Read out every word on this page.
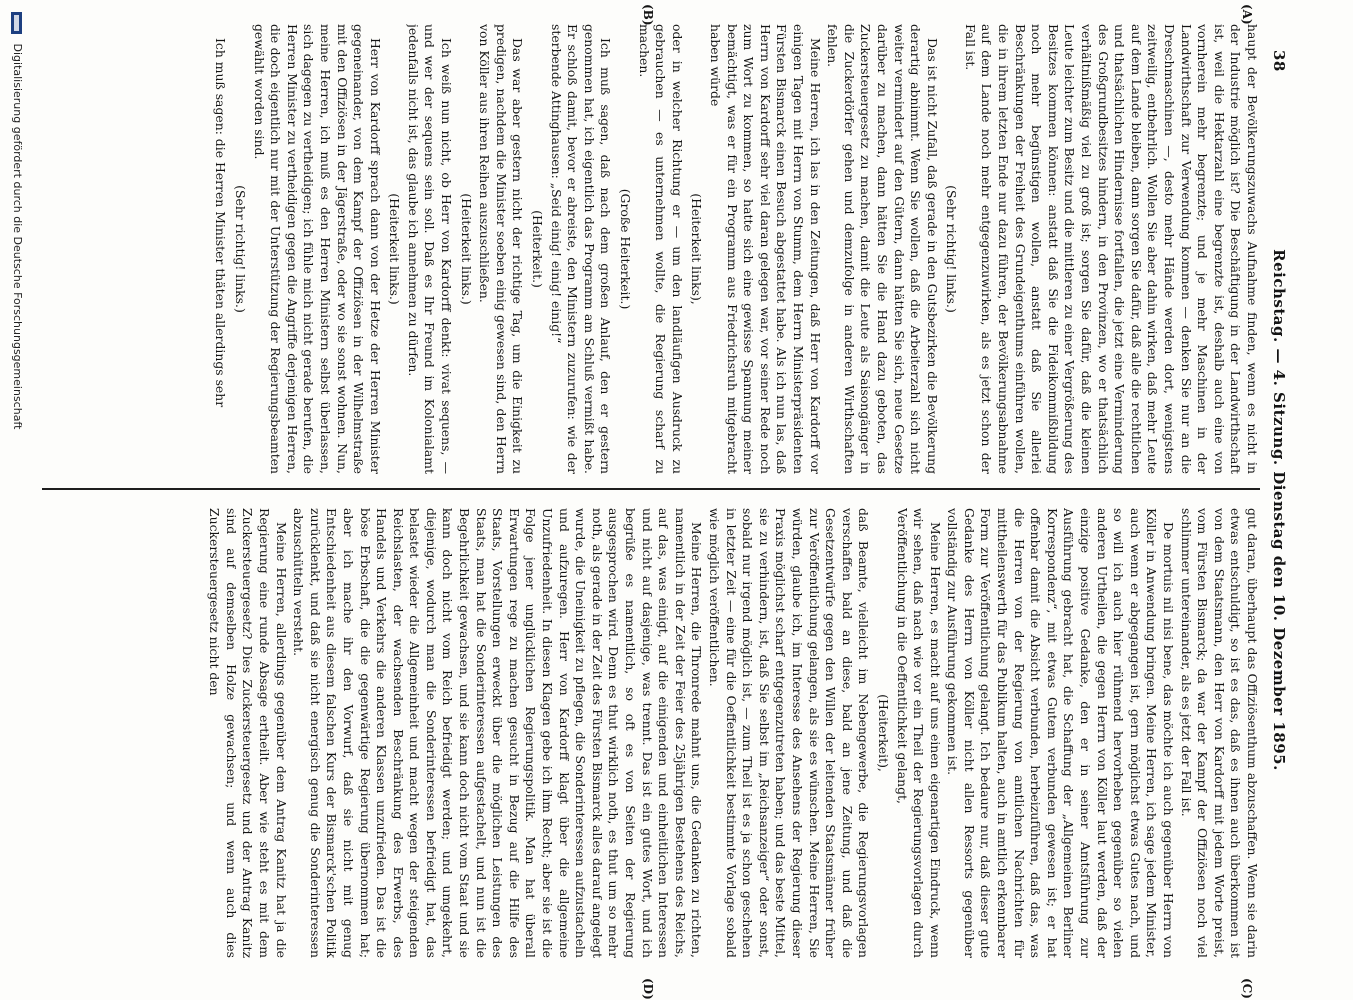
38
Reichstag. — 4. Sitzung. Dienstag den 10. Dezember 1895.
(A)
(B)
(C)
(D)

haupt der Bevölkerungszuwachs Aufnahme finden, wenn es nicht in der Industrie möglich ist? Die Beschäftigung in der Landwirthschaft ist, weil die Hektarzahl eine begrenzte ist, deshalb auch eine von vornherein mehr begrenzte; und je mehr Maschinen in der Landwirthschaft zur Verwendung kommen — denken Sie nur an die Dreschmaschinen —, desto mehr Hände werden dort, wenigstens zeitweilig, entbehrlich. Wollen Sie aber dahin wirken, daß mehr Leute auf dem Lande bleiben, dann sorgen Sie dafür, daß alle die rechtlichen und thatsächlichen Hindernisse fortfallen, die jetzt eine Verminderung des Großgrundbesitzes hindern, in den Provinzen, wo er thatsächlich verhältnißmäßig viel zu groß ist; sorgen Sie dafür, daß die kleinen Leute leichter zum Besitz und die mittleren zu einer Vergrößerung des Besitzes kommen können: anstatt daß Sie die Fideikommißbildung noch mehr begünstigen wollen, anstatt daß Sie allerlei Beschränkungen der Freiheit des Grundeigenthums einführen wollen, die in ihrem letzten Ende nur dazu führen, der Bevölkerungsabnahme auf dem Lande noch mehr entgegenzuwirken, als es jetzt schon der Fall ist.

(Sehr richtig! links.)

Das ist nicht Zufall, daß gerade in den Gutsbezirken die Bevölkerung derartig abnimmt. Wenn Sie wollen, daß die Arbeiterzahl sich nicht weiter vermindert auf den Gütern, dann hätten Sie sich, neue Gesetze darüber zu machen, dann hätten Sie die Hand dazu geboten, das Zuckersteuergesetz zu machen, damit die Leute als Saisongänger in die Zuckerdörfer gehen und demzufolge in anderen Wirthschaften fehlen.

Meine Herren, ich las in den Zeitungen, daß Herr von Kardorff vor einigen Tagen mit Herrn von Stumm, dem Herrn Ministerpräsidenten Fürsten Bismarck einen Besuch abgestattet habe. Als ich nun las, daß Herrn von Kardorff sehr viel daran gelegen war, vor seiner Rede noch zum Wort zu kommen, so hatte sich eine gewisse Spannung meiner bemächtigt, was er für ein Programm aus Friedrichsruh mitgebracht haben würde

(Heiterkeit links),

oder in welcher Richtung er — um den landläufigen Ausdruck zu gebrauchen — es unternehmen wollte, die Regierung scharf zu machen.

(Große Heiterkeit.)

Ich muß sagen, daß nach dem großen Anlauf, den er gestern genommen hat, ich eigentlich das Programm am Schluß vermißt habe. Er schloß damit, bevor er abreiste, den Ministern zuzurufen: wie der sterbende Attinghausen: „Seid einig! einig! einig!“

(Heiterkeit.)

Das war aber gestern nicht der richtige Tag, um die Einigkeit zu predigen, nachdem die Minister soeben einig gewesen sind, den Herrn von Köller aus ihren Reihen auszuschließen.

(Heiterkeit links.)

Ich weiß nun nicht, ob Herr von Kardorff denkt: vivat sequens, — und wer der sequens sein soll. Daß es Ihr Freund im Kolonialamt jedenfalls nicht ist, das glaube ich annehmen zu dürfen.

(Heiterkeit links.)

Herr von Kardorff sprach dann von der Hetze der Herren Minister gegeneinander, von dem Kampf der Offiziösen in der Wilhelmstraße mit den Offiziösen in der Jägerstraße, oder wo sie sonst wohnen. Nun, meine Herren, ich muß es den Herren Ministern selbst überlassen, sich dagegen zu vertheidigen; ich fühle mich nicht gerade berufen, die Herren Minister zu vertheidigen gegen die Angriffe derjenigen Herren, die doch eigentlich nur mit der Unterstützung der Regierungsbeamten gewählt worden sind.

(Sehr richtig! links.)

Ich muß sagen: die Herren Minister thäten allerdings sehr

gut daran, überhaupt das Offiziösenthum abzuschaffen. Wenn sie darin etwas entschuldigt, so ist es das, daß es ihnen auch überkommen ist von dem Staatsmann, den Herr von Kardorff mit jedem Worte preist, vom Fürsten Bismarck; da war der Kampf der Offiziösen noch viel schlimmer untereinander, als es jetzt der Fall ist.

De mortuis nil nisi bene, das möchte ich auch gegenüber Herrn von Köller in Anwendung bringen. Meine Herren, ich sage jedem Minister, auch wenn er abgegangen ist, gern möglichst etwas Gutes nach, und so will ich auch hier rühmend hervorheben gegenüber so vielen anderen Urtheilen, die gegen Herrn von Köller laut werden, daß der einzige positive Gedanke, den er in seiner Amtsführung zur Ausführung gebracht hat, die Schaffung der „Allgemeinen Berliner Korrespondenz“, mit etwas Gutem verbunden gewesen ist; er hat offenbar damit die Absicht verbunden, herbeizuführen, daß das, was die Herren von der Regierung von amtlichen Nachrichten für mittheilenswerth für das Publikum halten, auch in amtlich erkennbarer Form zur Veröffentlichung gelangt. Ich bedaure nur, daß dieser gute Gedanke des Herrn von Köller nicht allen Ressorts gegenüber vollständig zur Ausführung gekommen ist.

Meine Herren, es macht auf uns einen eigenartigen Eindruck, wenn wir sehen, daß nach wie vor ein Theil der Regierungsvorlagen durch Veröffentlichung in die Oeffentlichkeit gelangt,

(Heiterkeit),

daß Beamte, vielleicht im Nebengewerbe, die Regierungsvorlagen verschaffen bald an diese, bald an jene Zeitung, und daß die Gesetzentwürfe gegen den Willen der leitenden Staatsmänner früher zur Veröffentlichung gelangen, als sie es wünschen. Meine Herren, Sie würden, glaube ich, im Interesse des Ansehens der Regierung dieser Praxis möglichst scharf entgegenzutreten haben; und das beste Mittel, sie zu verhindern, ist, daß Sie selbst im „Reichsanzeiger“ oder sonst, sobald nur irgend möglich ist, — zum Theil ist es ja schon geschehen in letzter Zeit — eine für die Oeffentlichkeit bestimmte Vorlage sobald wie möglich veröffentlichen.

Meine Herren, die Thronrede mahnt uns, die Gedanken zu richten, namentlich in der Zeit der Feier des 25jährigen Bestehens des Reichs, auf das, was einigt, auf die einigenden und einheitlichen Interessen und nicht auf dasjenige, was trennt. Das ist ein gutes Wort, und ich begrüße es namentlich, so oft es von Seiten der Regierung ausgesprochen wird. Denn es thut wirklich noth, es thut um so mehr noth, als gerade in der Zeit des Fürsten Bismarck alles darauf angelegt wurde, die Uneinigkeit zu pflegen, die Sonderinteressen aufzustacheln und aufzuregen. Herr von Kardorff klagt über die allgemeine Unzufriedenheit. In diesen Klagen gebe ich ihm Recht; aber sie ist die Folge jener unglücklichen Regierungspolitik. Man hat überall Erwartungen rege zu machen gesucht in Bezug auf die Hilfe des Staats, Vorstellungen erweckt über die möglichen Leistungen des Staats, man hat die Sonderinteressen aufgestachelt, und nun ist die Begehrlichkeit gewachsen, und sie kann doch nicht vom Staat und sie kann doch nicht vom Reich befriedigt werden; und umgekehrt, diejenige, wodurch man die Sonderinteressen befriedigt hat, das belastet wieder die Allgemeinheit und macht wegen der steigenden Reichslasten, der wachsenden Beschränkung des Erwerbs, des Handels und Verkehrs die anderen Klassen unzufrieden. Das ist die böse Erbschaft, die die gegenwärtige Regierung übernommen hat; aber ich mache ihr den Vorwurf, daß sie nicht mit genug Entschiedenheit aus diesem falschen Kurs der Bismarck'schen Politik zurücklenkt, und daß sie nicht energisch genug die Sonderinteressen abzuschütteln versteht.

Meine Herren, allerdings gegenüber dem Antrag Kanitz hat ja die Regierung eine runde Absage ertheilt. Aber wie steht es mit dem Zuckersteuergesetz? Dies Zuckersteuergesetz und der Antrag Kanitz sind auf demselben Holze gewachsen; und wenn auch dies Zuckersteuergesetz nicht den

Digitalisierung gefördert durch die Deutsche Forschungsgemeinschaft
